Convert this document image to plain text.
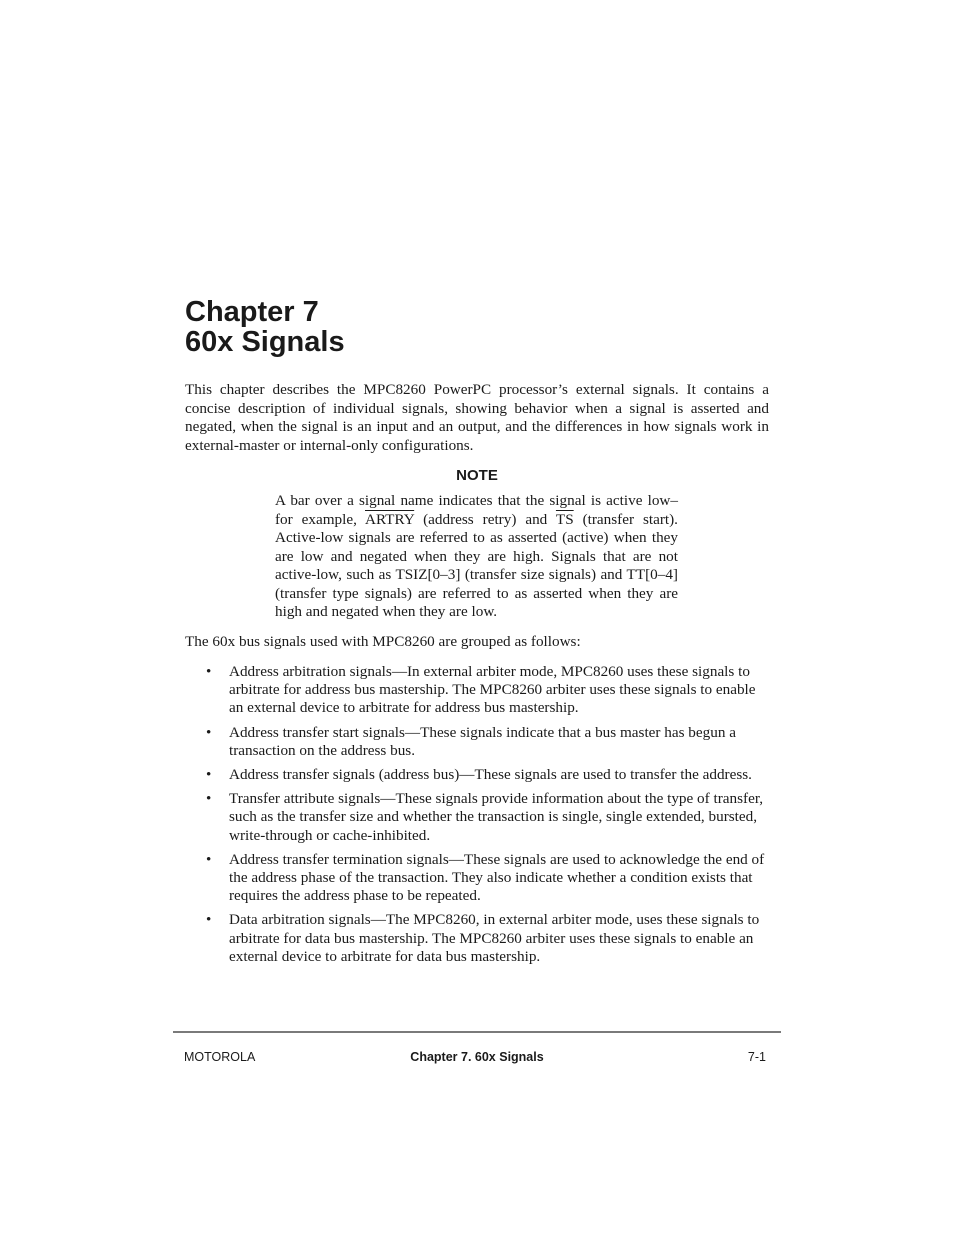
Chapter 7
60x Signals

This chapter describes the MPC8260 PowerPC processor’s external signals. It contains a concise description of individual signals, showing behavior when a signal is asserted and negated, when the signal is an input and an output, and the differences in how signals work in external-master or internal-only configurations.

NOTE

A bar over a signal name indicates that the signal is active low–for example, ARTRY (address retry) and $\overline{TS}$ (transfer start). Active-low signals are referred to as asserted (active) when they are low and negated when they are high. Signals that are not active-low, such as TSIZ[0–3] (transfer size signals) and TT[0–4] (transfer type signals) are referred to as asserted when they are high and negated when they are low.

The 60x bus signals used with MPC8260 are grouped as follows:

• Address arbitration signals—In external arbiter mode, MPC8260 uses these signals to arbitrate for address bus mastership. The MPC8260 arbiter uses these signals to enable an external device to arbitrate for address bus mastership.
• Address transfer start signals—These signals indicate that a bus master has begun a transaction on the address bus.
• Address transfer signals (address bus)—These signals are used to transfer the address.
• Transfer attribute signals—These signals provide information about the type of transfer, such as the transfer size and whether the transaction is single, single extended, bursted, write-through or cache-inhibited.
• Address transfer termination signals—These signals are used to acknowledge the end of the address phase of the transaction. They also indicate whether a condition exists that requires the address phase to be repeated.
• Data arbitration signals—The MPC8260, in external arbiter mode, uses these signals to arbitrate for data bus mastership. The MPC8260 arbiter uses these signals to enable an external device to arbitrate for data bus mastership.

MOTOROLA	Chapter 7. 60x Signals	7-1
